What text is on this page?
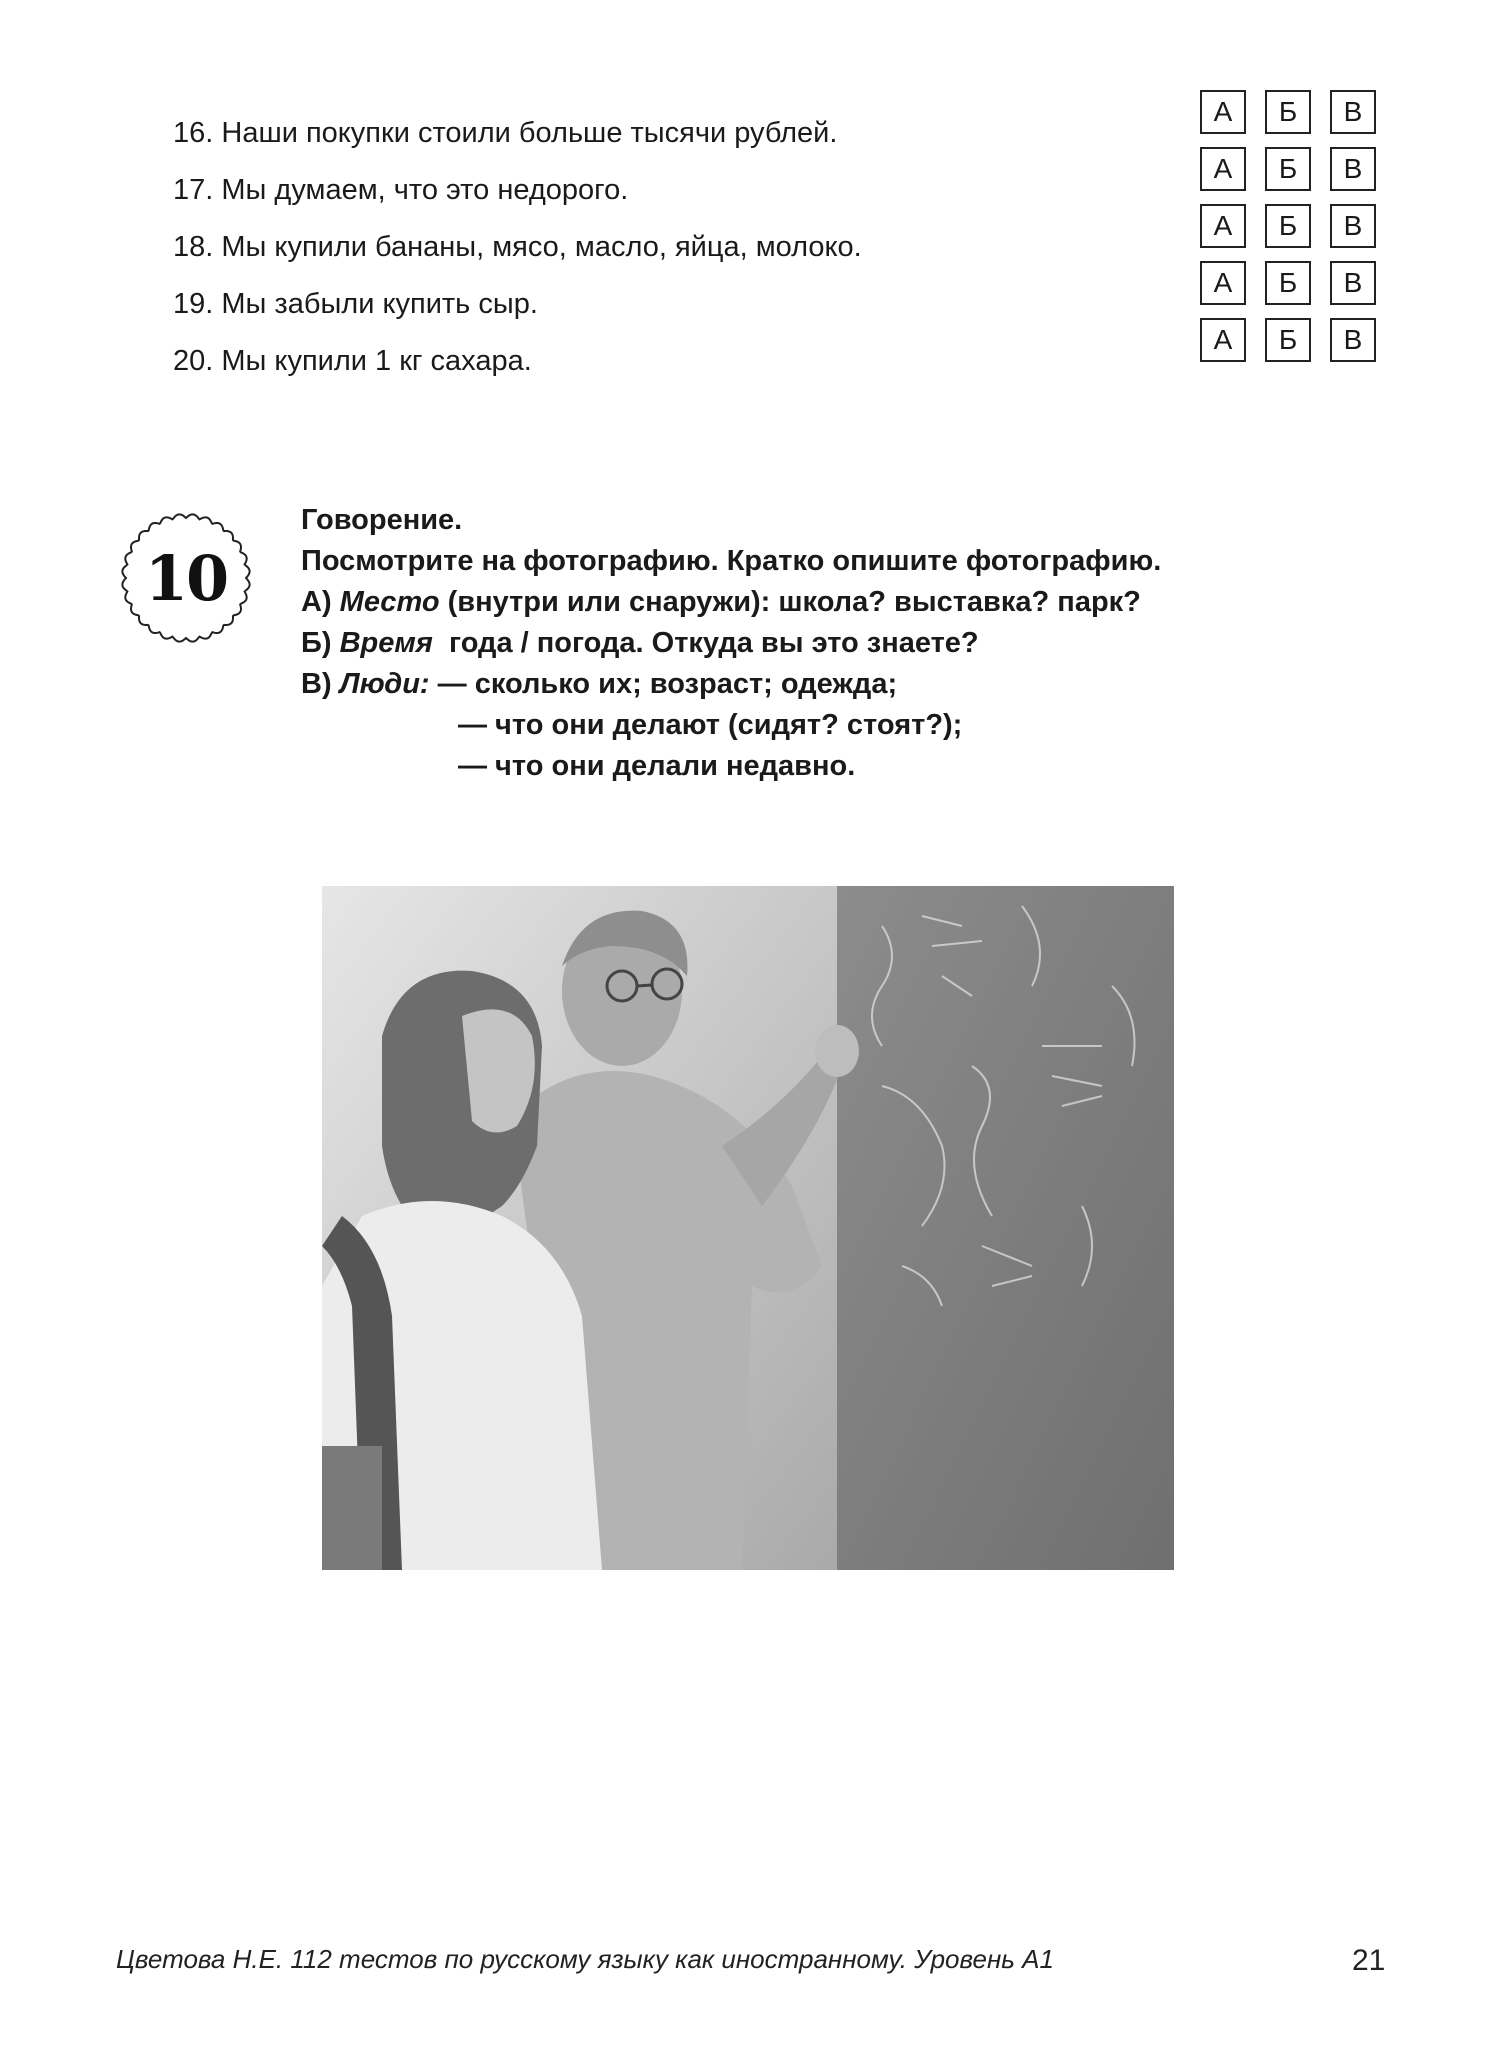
16. Наши покупки стоили больше тысячи рублей.
17. Мы думаем, что это недорого.
18. Мы купили бананы, мясо, масло, яйца, молоко.
19. Мы забыли купить сыр.
20. Мы купили 1 кг сахара.
А	Б	В
А	Б	В
А	Б	В
А	Б	В
А	Б	В
10
Говорение.
Посмотрите на фотографию. Кратко опишите фотографию.
А) Место (внутри или снаружи): школа? выставка? парк?
Б) Время  года / погода. Откуда вы это знаете?
В) Люди: — сколько их; возраст; одежда;
— что они делают (сидят? стоят?);
— что они делали недавно.
Цветова Н.Е. 112 тестов по русскому языку как иностранному. Уровень А1	21
